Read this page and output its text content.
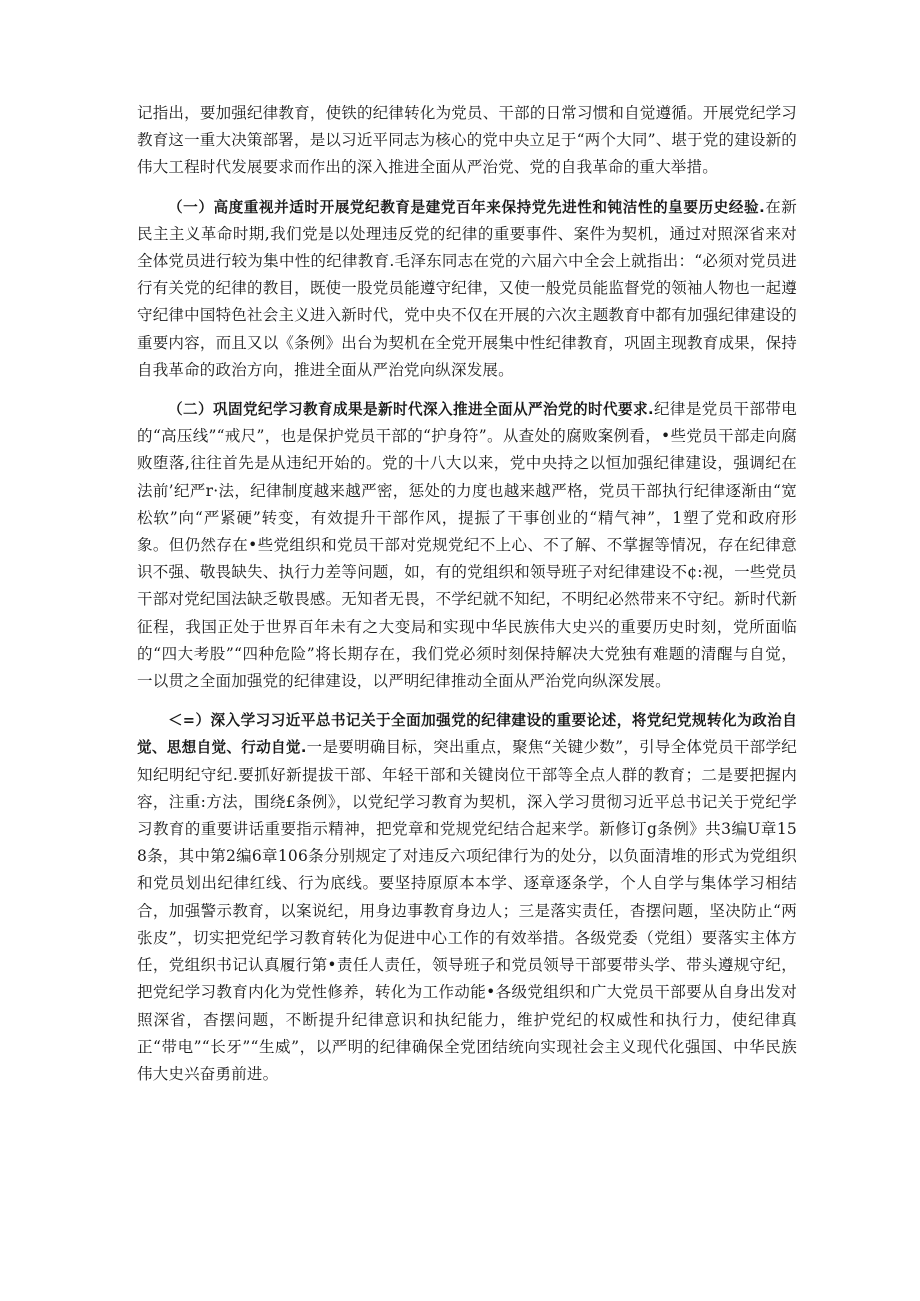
记指出，要加强纪律教育，使铁的纪律转化为党员、干部的日常习惯和自觉遵循。开展党纪学习教育这一重大决策部署，是以习近平同志为核心的党中央立足于“两个大同”、堪于党的建设新的伟大工程时代发展要求而作出的深入推进全面从严治党、党的自我革命的重大举措。

（一）高度重视并适时开展党纪教育是建党百年来保持党先进性和钝洁性的皇要历史经验.在新民主主义革命时期,我们党是以处理违反党的纪律的重要事件、案件为契机，通过对照深省来对全体党员进行较为集中性的纪律教育.毛泽东同志在党的六届六中全会上就指出：“必须对党员进行有关党的纪律的教目，既使一股党员能遵守纪律，又使一般党员能监督党的领袖人物也一起遵守纪律中国特色社会主义进入新时代，党中央不仅在开展的六次主题教育中都有加强纪律建设的重要内容，而且又以《条例》出台为契机在全党开展集中性纪律教育，巩固主现教育成果，保持自我革命的政治方向，推进全面从严治党向纵深发展。

（二）巩固党纪学习教育成果是新时代深入推进全面从严治党的时代要求.纪律是党员干部带电的“高压线”“戒尺”，也是保护党员干部的“护身符”。从查处的腐败案例看，•些党员干部走向腐败堕落,往往首先是从违纪开始的。党的十八大以来，党中央持之以恒加强纪律建设，强调纪在法前’纪严r·法，纪律制度越来越严密，惩处的力度也越来越严格，党员干部执行纪律逐渐由“宽松软”向“严紧硬”转变，有效提升干部作风，提振了干事创业的“精气神”，1塑了党和政府形象。但仍然存在•些党组织和党员干部对党规党纪不上心、不了解、不掌握等情况，存在纪律意识不强、敬畏缺失、执行力差等问题，如，有的党组织和领导班子对纪律建设不¢:视，一些党员干部对党纪国法缺乏敬畏感。无知者无畏，不学纪就不知纪，不明纪必然带来不守纪。新时代新征程，我国正处于世界百年未有之大变局和实现中华民族伟大史兴的重要历史时刻，党所面临的“四大考股”“四种危险”将长期存在，我们党必须时刻保持解决大党独有难题的清醒与自觉，一以贯之全面加强党的纪律建设，以严明纪律推动全面从严治党向纵深发展。

＜=）深入学习习近平总书记关于全面加强党的纪律建设的重要论述，将党纪党规转化为政治自觉、思想自觉、行动自觉.一是要明确目标，突出重点，聚焦“关键少数”，引导全体党员干部学纪知纪明纪守纪.要抓好新提拔干部、年轻干部和关键岗位干部等全点人群的教育；二是要把握内容，注重:方法，围绕£条例》，以党纪学习教育为契机，深入学习贯彻习近平总书记关于党纪学习教育的重要讲话重要指示精神，把党章和党规党纪结合起来学。新修订g条例》共3编U章158条，其中第2编6章106条分别规定了对违反六项纪律行为的处分，以负面清堆的形式为党组织和党员划出纪律红线、行为底线。要坚持原原本本学、逐章逐条学，个人自学与集体学习相结合，加强警示教育，以案说纪，用身边事教育身边人；三是落实责任，杳摆问题，坚决防止“两张皮”，切实把党纪学习教育转化为促进中心工作的有效举措。各级党委（党组）要落实主体方任，党组织书记认真履行第•责任人责任，领导班子和党员领导干部要带头学、带头遵规守纪，把党纪学习教育内化为党性修养，转化为工作动能•各级党组织和广大党员干部要从自身出发对照深省，杳摆问题，不断提升纪律意识和执纪能力，维护党纪的权威性和执行力，使纪律真正“带电”“长牙”“生威”，以严明的纪律确保全党团结统向实现社会主义现代化强国、中华民族伟大史兴奋勇前进。
